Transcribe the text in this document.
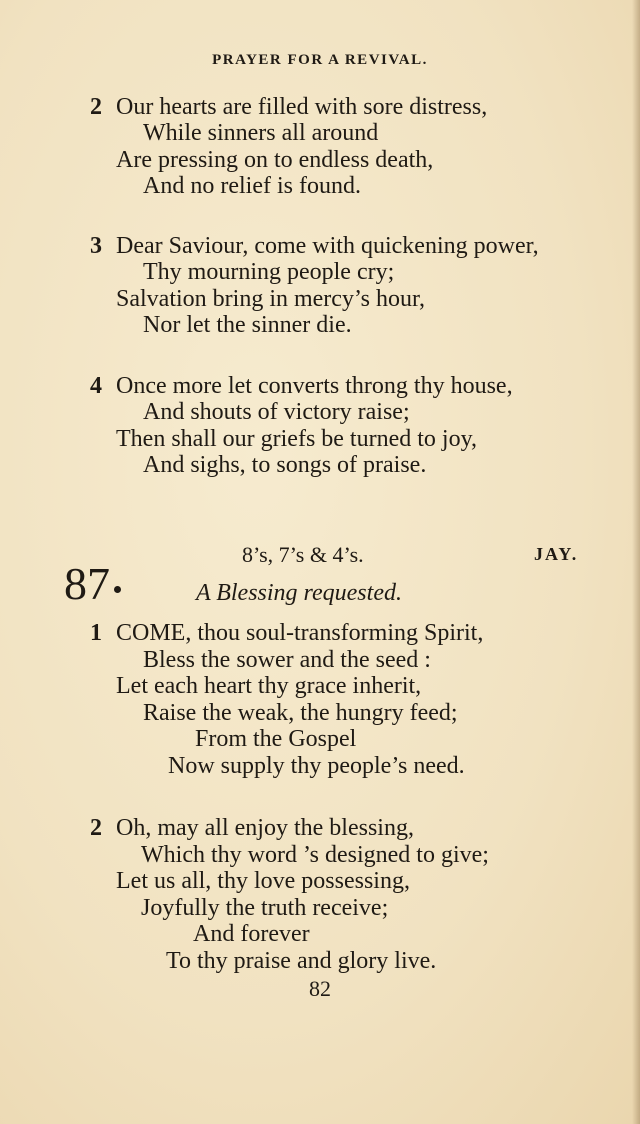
PRAYER FOR A REVIVAL.
2 Our hearts are filled with sore distress,
While sinners all around
Are pressing on to endless death,
And no relief is found.
3 Dear Saviour, come with quickening power,
Thy mourning people cry;
Salvation bring in mercy’s hour,
Nor let the sinner die.
4 Once more let converts throng thy house,
And shouts of victory raise;
Then shall our griefs be turned to joy,
And sighs, to songs of praise.
8’s, 7’s & 4’s.	JAY.
87	A Blessing requested.
1 COME, thou soul-transforming Spirit,
Bless the sower and the seed :
Let each heart thy grace inherit,
Raise the weak, the hungry feed;
From the Gospel
Now supply thy people’s need.
2 Oh, may all enjoy the blessing,
Which thy word ’s designed to give;
Let us all, thy love possessing,
Joyfully the truth receive;
And forever
To thy praise and glory live.
82
